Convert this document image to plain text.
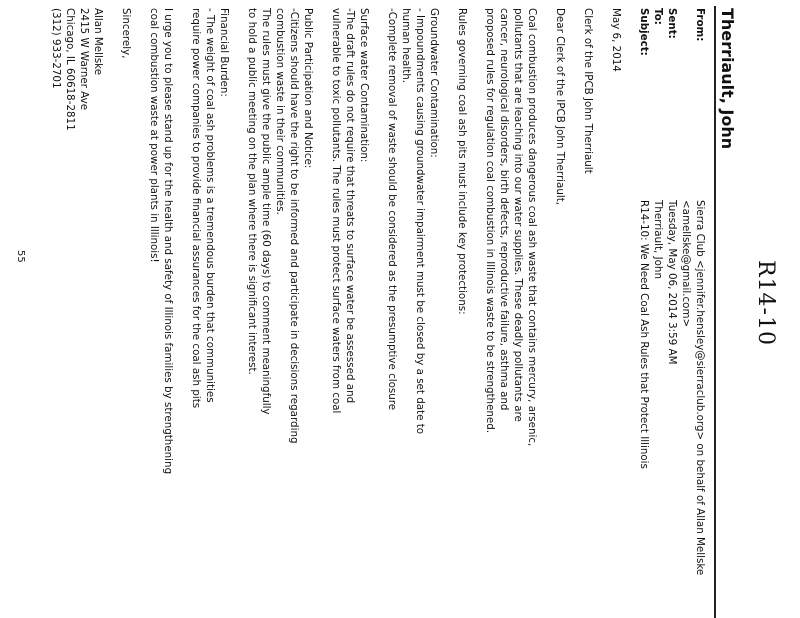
R14-10
Therriault, John
From:
Sierra Club <jennifer.hensley@sierraclub.org> on behalf of Allan Mellske
<amellske@gmail.com>
Sent:
Tuesday, May 06, 2014 3:59 AM
To:
Therriault, John
Subject:
R14-10: We Need Coal Ash Rules that Protect Illinois
May 6, 2014
Clerk of the IPCB John Therriault
Dear Clerk of the IPCB John Therriault,
Coal combustion produces dangerous coal ash waste that contains mercury, arsenic,
pollutants that are leaching into our water supplies. These deadly pollutants are
cancer, neurological disorders, birth defects, reproductive failure, asthma and
proposed rules for regulation coal combustion in Illinois waste to be strengthened.
Rules governing coal ash pits must include key protections:
Groundwater Contamination:
- Impoundments causing groundwater impairment must be closed by a set date to
human health.
-Complete removal of waste should be considered as the presumptive closure
Surface water Contamination:
-The draft rules do not require that threats to surface water be assessed and
vulnerable to toxic pollutants. The rules must protect surface waters from coal
Public Participation and Notice:
-Citizens should have the right to be informed and participate in decisions regarding
combustion waste in their communities.
The rules must give the public ample time (60 days) to comment meaningfully
to hold a public meeting on the plan where there is significant interest.
Financial Burden:
- The weight of coal ash problems is a tremendous burden that communities
require power companies to provide financial assurances for the coal ash pits
I urge you to please stand up for the health and safety of Illinois families by strengthening
coal combustion waste at power plants in Illinois!
Sincerely,
Allan Mellske
2415 W Warner Ave
Chicago, IL 60618-2811
(312) 933-2701
55
